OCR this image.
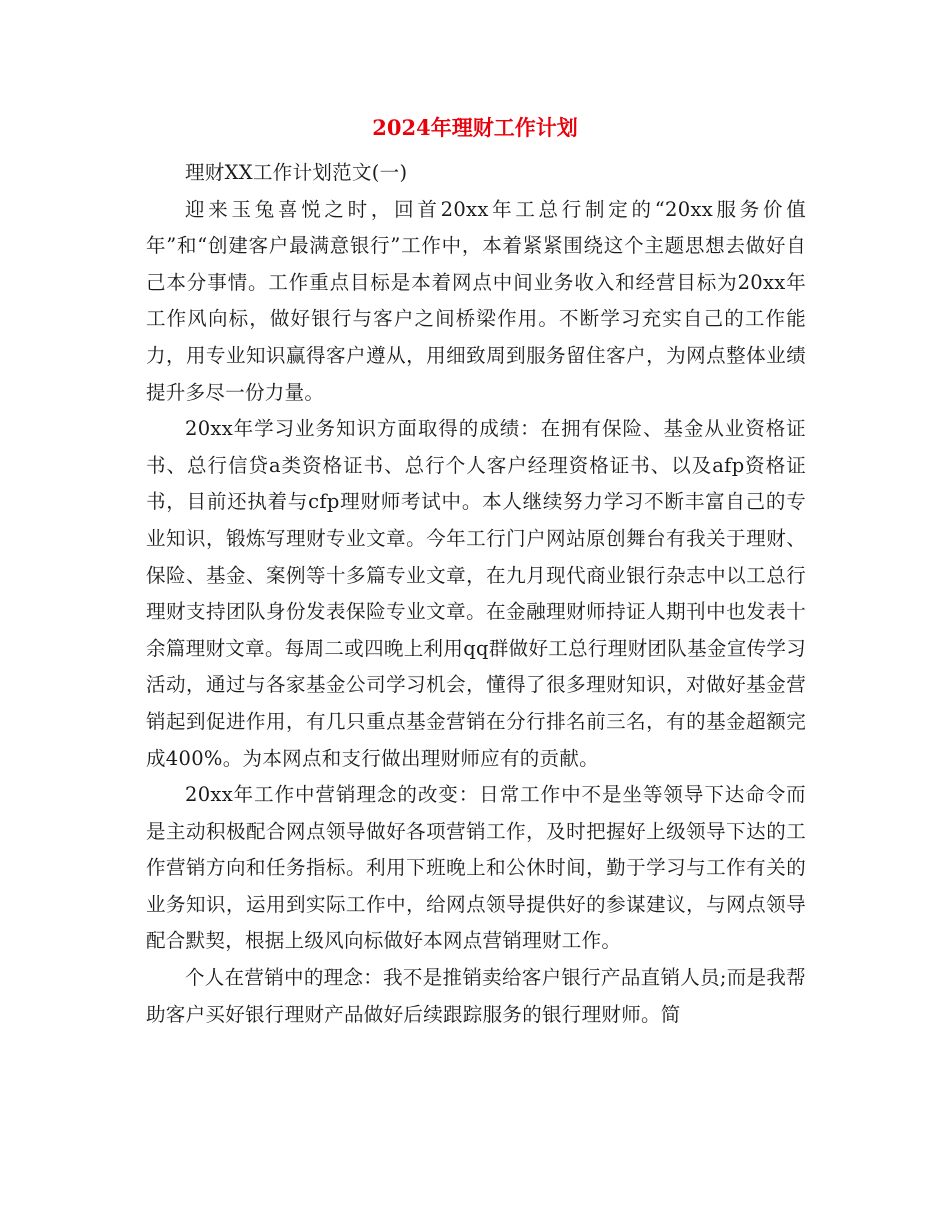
2024年理财工作计划

理财XX工作计划范文(一)

迎来玉兔喜悦之时，回首20xx年工总行制定的“20xx服务价值年”和“创建客户最满意银行”工作中，本着紧紧围绕这个主题思想去做好自己本分事情。工作重点目标是本着网点中间业务收入和经营目标为20xx年工作风向标，做好银行与客户之间桥梁作用。不断学习充实自己的工作能力，用专业知识赢得客户遵从，用细致周到服务留住客户，为网点整体业绩提升多尽一份力量。

20xx年学习业务知识方面取得的成绩：在拥有保险、基金从业资格证书、总行信贷a类资格证书、总行个人客户经理资格证书、以及afp资格证书，目前还执着与cfp理财师考试中。本人继续努力学习不断丰富自己的专业知识，锻炼写理财专业文章。今年工行门户网站原创舞台有我关于理财、保险、基金、案例等十多篇专业文章，在九月现代商业银行杂志中以工总行理财支持团队身份发表保险专业文章。在金融理财师持证人期刊中也发表十余篇理财文章。每周二或四晚上利用qq群做好工总行理财团队基金宣传学习活动，通过与各家基金公司学习机会，懂得了很多理财知识，对做好基金营销起到促进作用，有几只重点基金营销在分行排名前三名，有的基金超额完成400%。为本网点和支行做出理财师应有的贡献。

20xx年工作中营销理念的改变：日常工作中不是坐等领导下达命令而是主动积极配合网点领导做好各项营销工作，及时把握好上级领导下达的工作营销方向和任务指标。利用下班晚上和公休时间，勤于学习与工作有关的业务知识，运用到实际工作中，给网点领导提供好的参谋建议，与网点领导配合默契，根据上级风向标做好本网点营销理财工作。

个人在营销中的理念：我不是推销卖给客户银行产品直销人员;而是我帮助客户买好银行理财产品做好后续跟踪服务的银行理财师。简
